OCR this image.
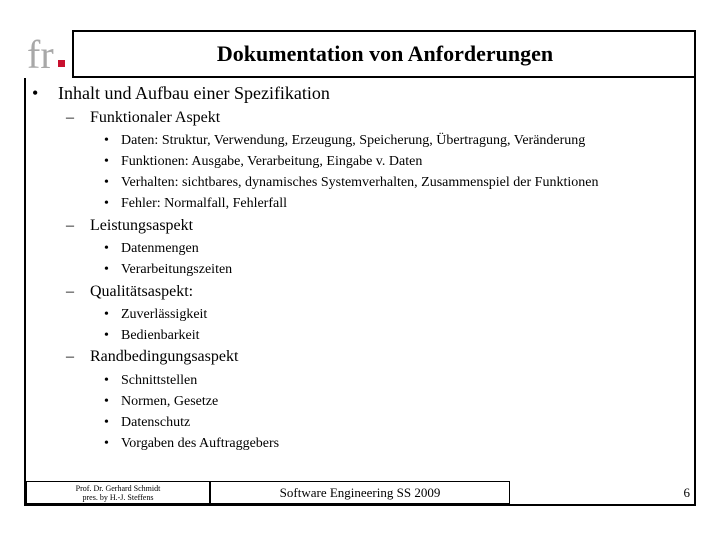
fr	Dokumentation von Anforderungen
• Inhalt und Aufbau einer Spezifikation
– Funktionaler Aspekt
• Daten: Struktur, Verwendung, Erzeugung, Speicherung, Übertragung, Veränderung
• Funktionen: Ausgabe, Verarbeitung, Eingabe v. Daten
• Verhalten: sichtbares, dynamisches Systemverhalten, Zusammenspiel der Funktionen
• Fehler: Normalfall, Fehlerfall
– Leistungsaspekt
• Datenmengen
• Verarbeitungszeiten
– Qualitätsaspekt:
• Zuverlässigkeit
• Bedienbarkeit
– Randbedingungsaspekt
• Schnittstellen
• Normen, Gesetze
• Datenschutz
• Vorgaben des Auftraggebers
Prof. Dr. Gerhard Schmidt
pres. by H.-J. Steffens	Software Engineering SS 2009	6
